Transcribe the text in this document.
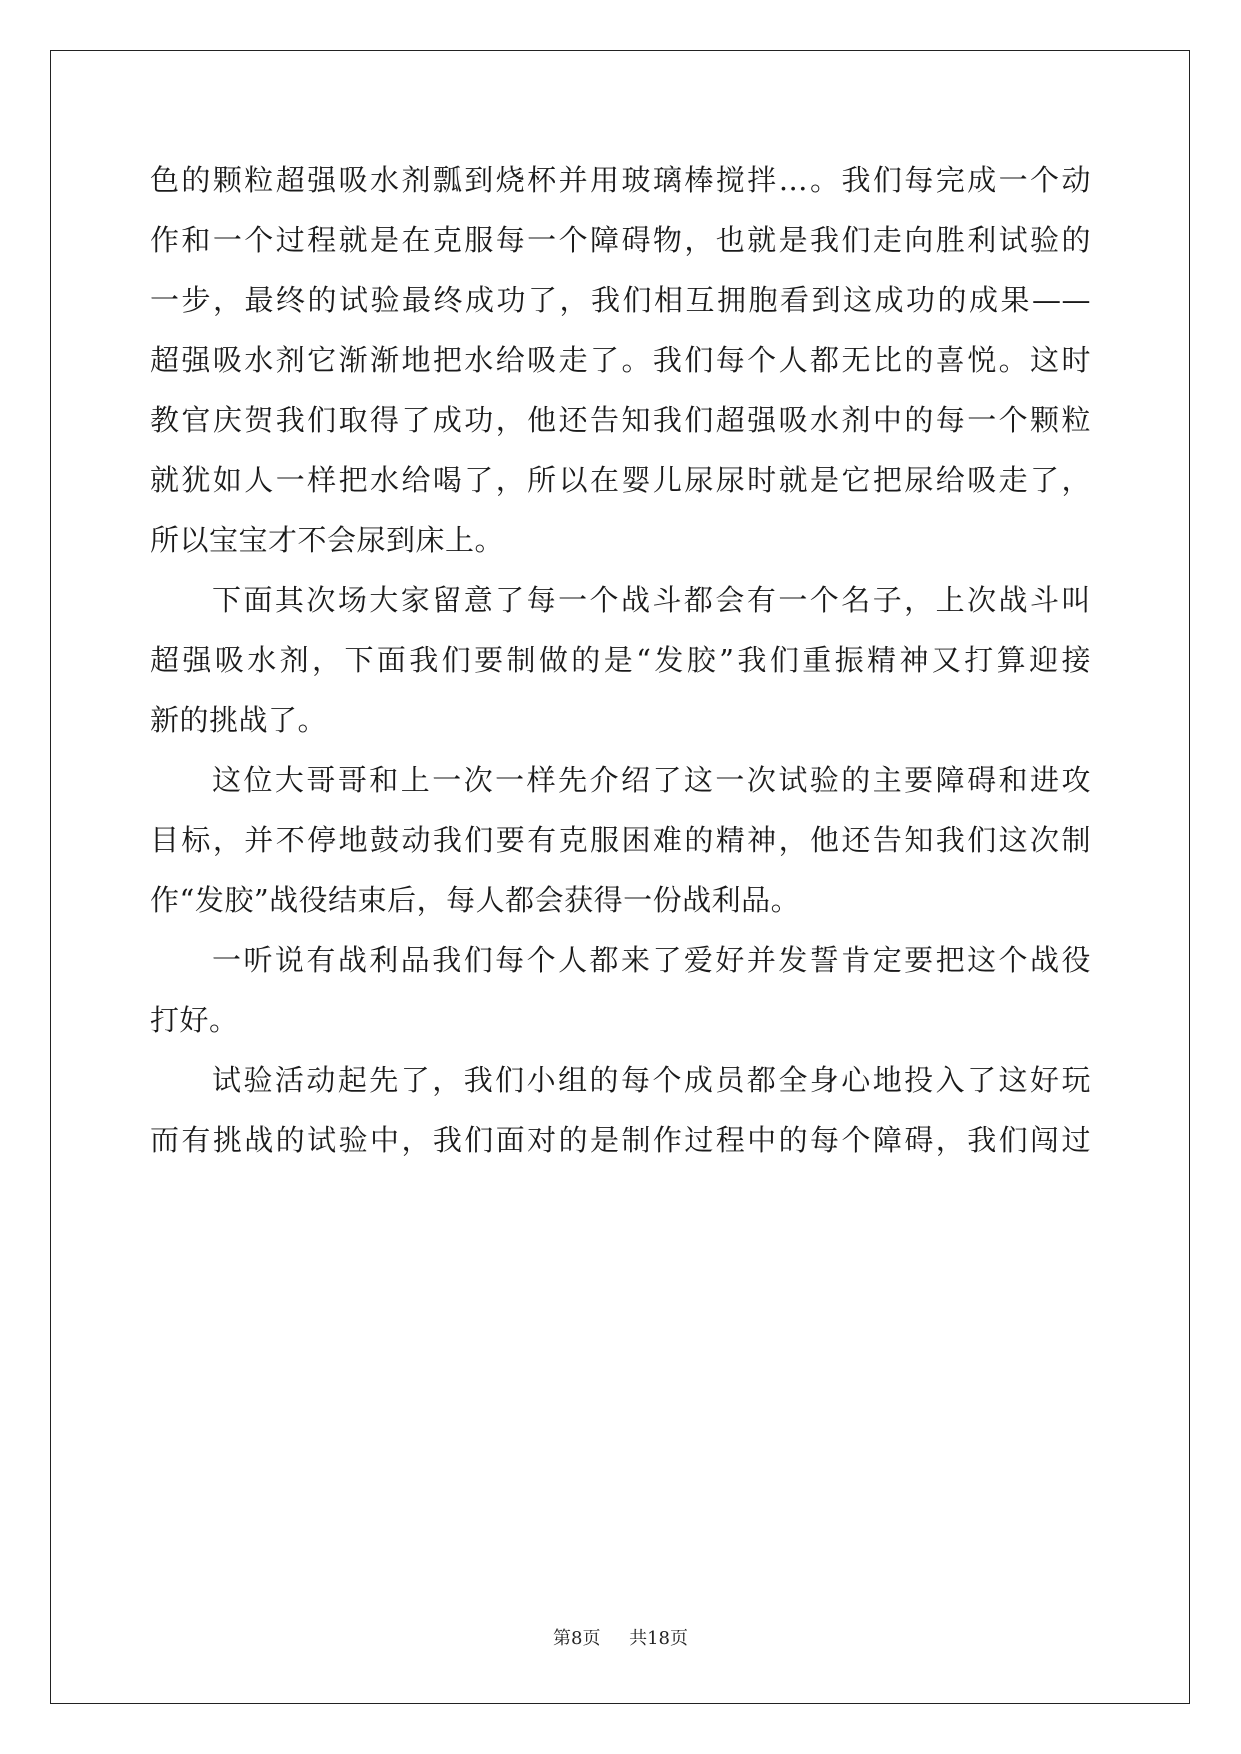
色的颗粒超强吸水剂瓢到烧杯并用玻璃棒搅拌…。我们每完成一个动
作和一个过程就是在克服每一个障碍物，也就是我们走向胜利试验的
一步，最终的试验最终成功了，我们相互拥胞看到这成功的成果——
超强吸水剂它渐渐地把水给吸走了。我们每个人都无比的喜悦。这时
教官庆贺我们取得了成功，他还告知我们超强吸水剂中的每一个颗粒
就犹如人一样把水给喝了，所以在婴儿尿尿时就是它把尿给吸走了，
所以宝宝才不会尿到床上。
下面其次场大家留意了每一个战斗都会有一个名子，上次战斗叫
超强吸水剂，下面我们要制做的是“发胶”我们重振精神又打算迎接
新的挑战了。
这位大哥哥和上一次一样先介绍了这一次试验的主要障碍和进攻
目标，并不停地鼓动我们要有克服困难的精神，他还告知我们这次制
作“发胶”战役结束后，每人都会获得一份战利品。
一听说有战利品我们每个人都来了爱好并发誓肯定要把这个战役
打好。
试验活动起先了，我们小组的每个成员都全身心地投入了这好玩
而有挑战的试验中，我们面对的是制作过程中的每个障碍，我们闯过
第8页 共18页
